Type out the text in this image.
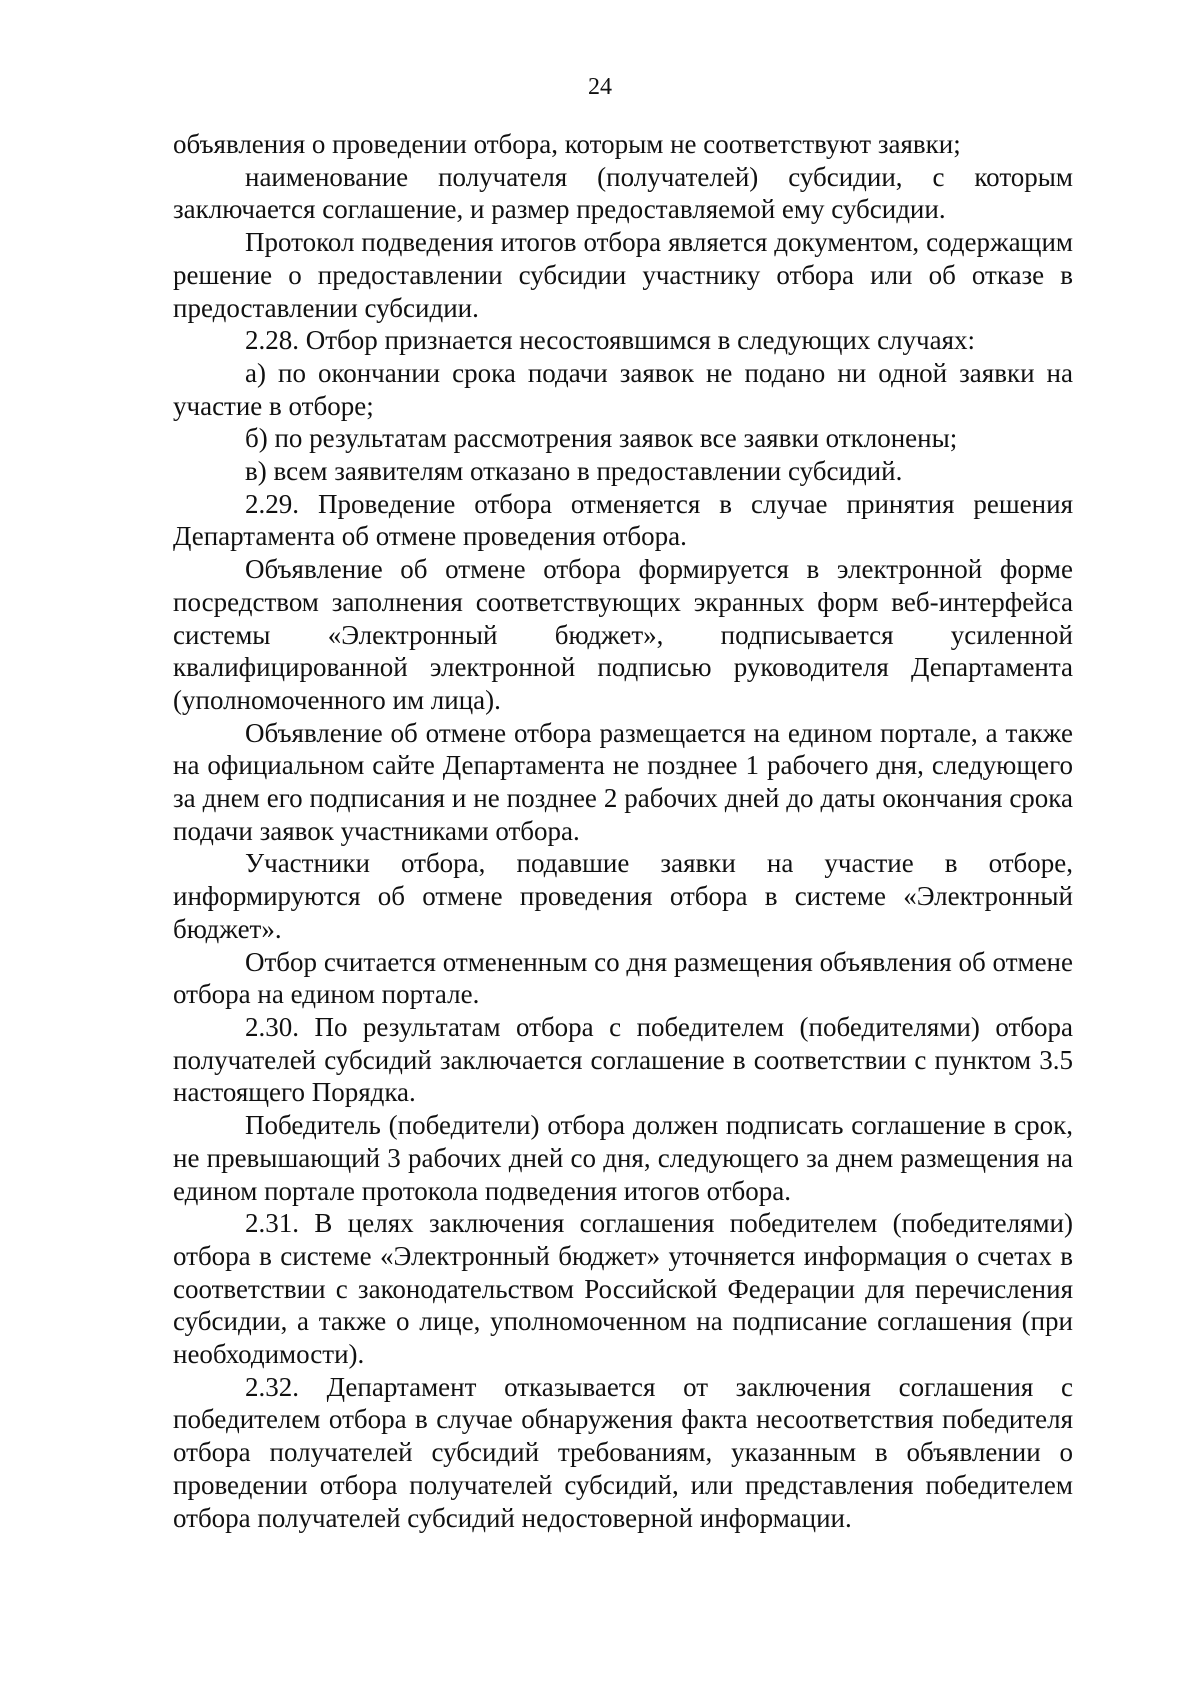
24

объявления о проведении отбора, которым не соответствуют заявки;

наименование получателя (получателей) субсидии, с которым заключается соглашение, и размер предоставляемой ему субсидии.

Протокол подведения итогов отбора является документом, содержащим решение о предоставлении субсидии участнику отбора или об отказе в предоставлении субсидии.

2.28. Отбор признается несостоявшимся в следующих случаях:

а) по окончании срока подачи заявок не подано ни одной заявки на участие в отборе;

б) по результатам рассмотрения заявок все заявки отклонены;

в) всем заявителям отказано в предоставлении субсидий.

2.29. Проведение отбора отменяется в случае принятия решения Департамента об отмене проведения отбора.

Объявление об отмене отбора формируется в электронной форме посредством заполнения соответствующих экранных форм веб-интерфейса системы «Электронный бюджет», подписывается усиленной квалифицированной электронной подписью руководителя Департамента (уполномоченного им лица).

Объявление об отмене отбора размещается на едином портале, а также на официальном сайте Департамента не позднее 1 рабочего дня, следующего за днем его подписания и не позднее 2 рабочих дней до даты окончания срока подачи заявок участниками отбора.

Участники отбора, подавшие заявки на участие в отборе, информируются об отмене проведения отбора в системе «Электронный бюджет».

Отбор считается отмененным со дня размещения объявления об отмене отбора на едином портале.

2.30. По результатам отбора с победителем (победителями) отбора получателей субсидий заключается соглашение в соответствии с пунктом 3.5 настоящего Порядка.

Победитель (победители) отбора должен подписать соглашение в срок, не превышающий 3 рабочих дней со дня, следующего за днем размещения на едином портале протокола подведения итогов отбора.

2.31. В целях заключения соглашения победителем (победителями) отбора в системе «Электронный бюджет» уточняется информация о счетах в соответствии с законодательством Российской Федерации для перечисления субсидии, а также о лице, уполномоченном на подписание соглашения (при необходимости).

2.32. Департамент отказывается от заключения соглашения с победителем отбора в случае обнаружения факта несоответствия победителя отбора получателей субсидий требованиям, указанным в объявлении о проведении отбора получателей субсидий, или представления победителем отбора получателей субсидий недостоверной информации.
